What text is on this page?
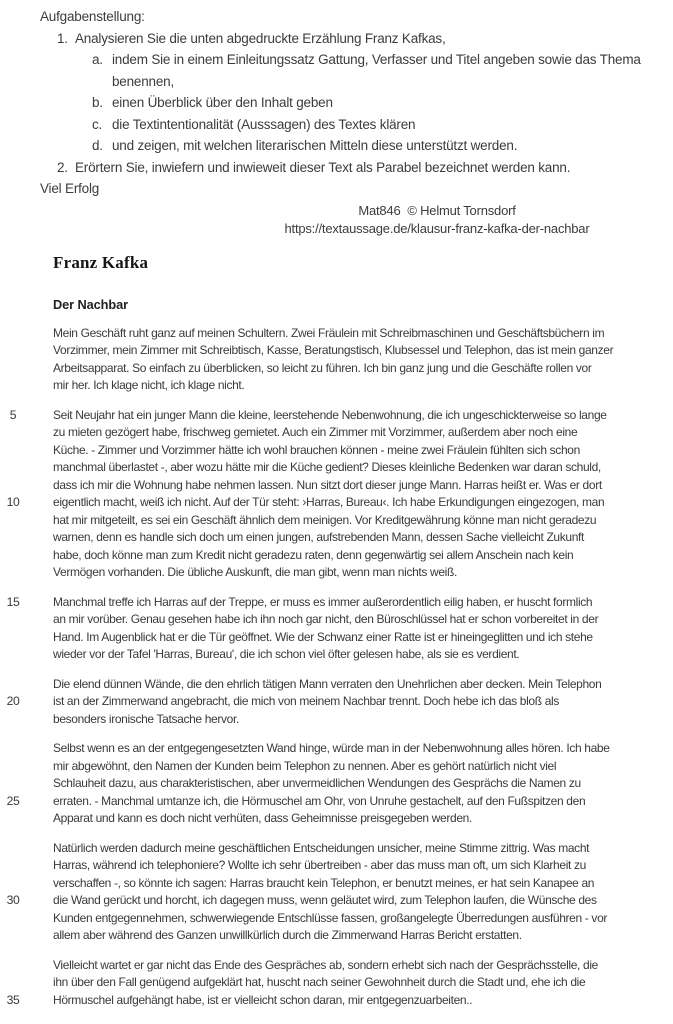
Aufgabenstellung:
1. Analysieren Sie die unten abgedruckte Erzählung Franz Kafkas,
a. indem Sie in einem Einleitungssatz Gattung, Verfasser und Titel angeben sowie das Thema benennen,
b. einen Überblick über den Inhalt geben
c. die Textintentionalität (Ausssagen) des Textes klären
d. und zeigen, mit welchen literarischen Mitteln diese unterstützt werden.
2. Erörtern Sie, inwiefern und inwieweit dieser Text als Parabel bezeichnet werden kann.
Viel Erfolg
Mat846  © Helmut Tornsdorf
https://textaussage.de/klausur-franz-kafka-der-nachbar
Franz Kafka
Der Nachbar
Mein Geschäft ruht ganz auf meinen Schultern. Zwei Fräulein mit Schreibmaschinen und Geschäftsbüchern im
Vorzimmer, mein Zimmer mit Schreibtisch, Kasse, Beratungstisch, Klubsessel und Telephon, das ist mein ganzer
Arbeitsapparat. So einfach zu überblicken, so leicht zu führen. Ich bin ganz jung und die Geschäfte rollen vor
mir her. Ich klage nicht, ich klage nicht.
5	Seit Neujahr hat ein junger Mann die kleine, leerstehende Nebenwohnung, die ich ungeschickterweise so lange
zu mieten gezögert habe, frischweg gemietet. Auch ein Zimmer mit Vorzimmer, außerdem aber noch eine
Küche. - Zimmer und Vorzimmer hätte ich wohl brauchen können - meine zwei Fräulein fühlten sich schon
manchmal überlastet -, aber wozu hätte mir die Küche gedient? Dieses kleinliche Bedenken war daran schuld,
dass ich mir die Wohnung habe nehmen lassen. Nun sitzt dort dieser junge Mann. Harras heißt er. Was er dort
10	eigentlich macht, weiß ich nicht. Auf der Tür steht: ›Harras, Bureau‹. Ich habe Erkundigungen eingezogen, man
hat mir mitgeteilt, es sei ein Geschäft ähnlich dem meinigen. Vor Kreditgewährung könne man nicht geradezu
warnen, denn es handle sich doch um einen jungen, aufstrebenden Mann, dessen Sache vielleicht Zukunft
habe, doch könne man zum Kredit nicht geradezu raten, denn gegenwärtig sei allem Anschein nach kein
Vermögen vorhanden. Die übliche Auskunft, die man gibt, wenn man nichts weiß.
15	Manchmal treffe ich Harras auf der Treppe, er muss es immer außerordentlich eilig haben, er huscht formlich
an mir vorüber. Genau gesehen habe ich ihn noch gar nicht, den Büroschlüssel hat er schon vorbereitet in der
Hand. Im Augenblick hat er die Tür geöffnet. Wie der Schwanz einer Ratte ist er hineingeglitten und ich stehe
wieder vor der Tafel 'Harras, Bureau', die ich schon viel öfter gelesen habe, als sie es verdient.
Die elend dünnen Wände, die den ehrlich tätigen Mann verraten den Unehrlichen aber decken. Mein Telephon
20	ist an der Zimmerwand angebracht, die mich von meinem Nachbar trennt. Doch hebe ich das bloß als
besonders ironische Tatsache hervor.
Selbst wenn es an der entgegengesetzten Wand hinge, würde man in der Nebenwohnung alles hören. Ich habe
mir abgewöhnt, den Namen der Kunden beim Telephon zu nennen. Aber es gehört natürlich nicht viel
Schlauheit dazu, aus charakteristischen, aber unvermeidlichen Wendungen des Gesprächs die Namen zu
25	erraten. - Manchmal umtanze ich, die Hörmuschel am Ohr, von Unruhe gestachelt, auf den Fußspitzen den
Apparat und kann es doch nicht verhüten, dass Geheimnisse preisgegeben werden.
Natürlich werden dadurch meine geschäftlichen Entscheidungen unsicher, meine Stimme zittrig. Was macht
Harras, während ich telephoniere? Wollte ich sehr übertreiben - aber das muss man oft, um sich Klarheit zu
verschaffen -, so könnte ich sagen: Harras braucht kein Telephon, er benutzt meines, er hat sein Kanapee an
30	die Wand gerückt und horcht, ich dagegen muss, wenn geläutet wird, zum Telephon laufen, die Wünsche des
Kunden entgegennehmen, schwerwiegende Entschlüsse fassen, großangelegte Überredungen ausführen - vor
allem aber während des Ganzen unwillkürlich durch die Zimmerwand Harras Bericht erstatten.
Vielleicht wartet er gar nicht das Ende des Gespräches ab, sondern erhebt sich nach der Gesprächsstelle, die
ihn über den Fall genügend aufgeklärt hat, huscht nach seiner Gewohnheit durch die Stadt und, ehe ich die
35	Hörmuschel aufgehängt habe, ist er vielleicht schon daran, mir entgegenzuarbeiten..
